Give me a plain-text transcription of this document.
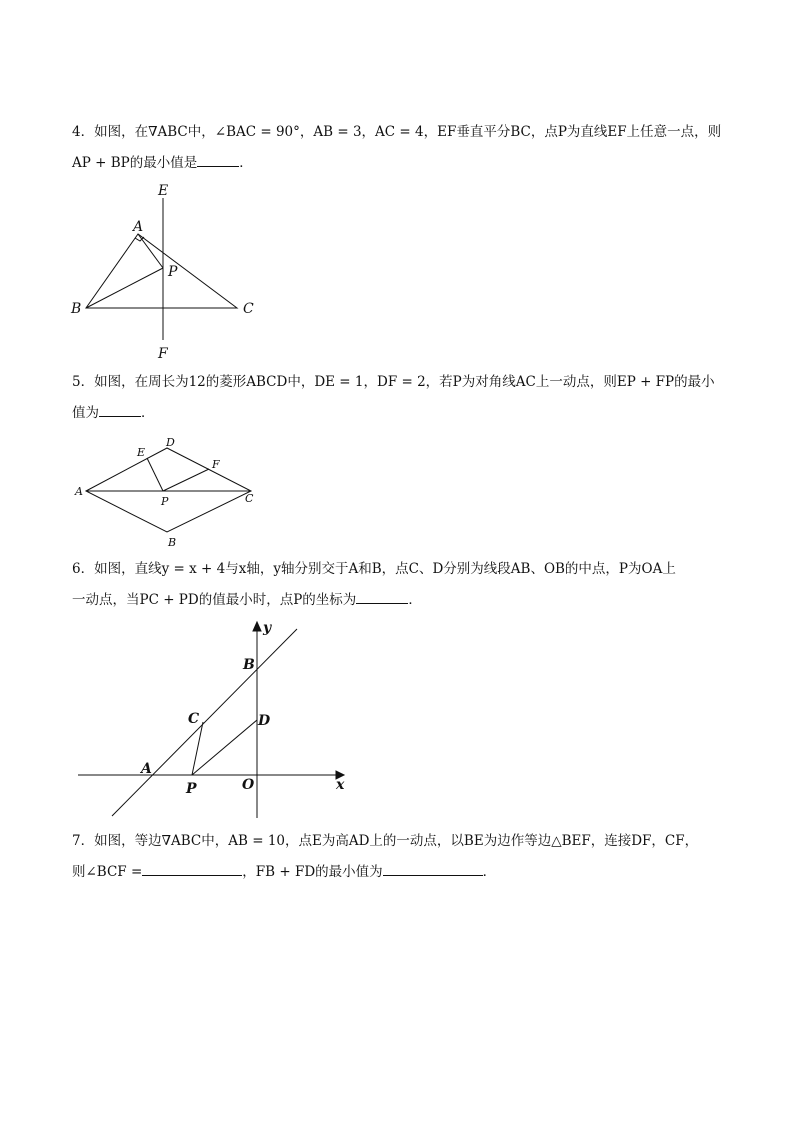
4．如图，在∇ABC中，∠BAC = 90°，AB = 3，AC = 4，EF垂直平分BC，点P为直线EF上任意一点，则
AP + BP的最小值是	．
E
A
P
B	C
F
5．如图，在周长为12的菱形ABCD中，DE = 1，DF = 2，若P为对角线AC上一动点，则EP + FP的最小
值为	．
E
D
F
A
P	C
B
6．如图，直线y = x + 4与x轴，y轴分别交于A和B，点C、D分别为线段AB、OB的中点，P为OA上
一动点，当PC + PD的值最小时，点P的坐标为	．
y
B
C	D
A
P	O	x
7．如图，等边∇ABC中，AB = 10，点E为高AD上的一动点，以BE为边作等边△BEF，连接DF，CF，
则∠BCF =	，FB + FD的最小值为	．
